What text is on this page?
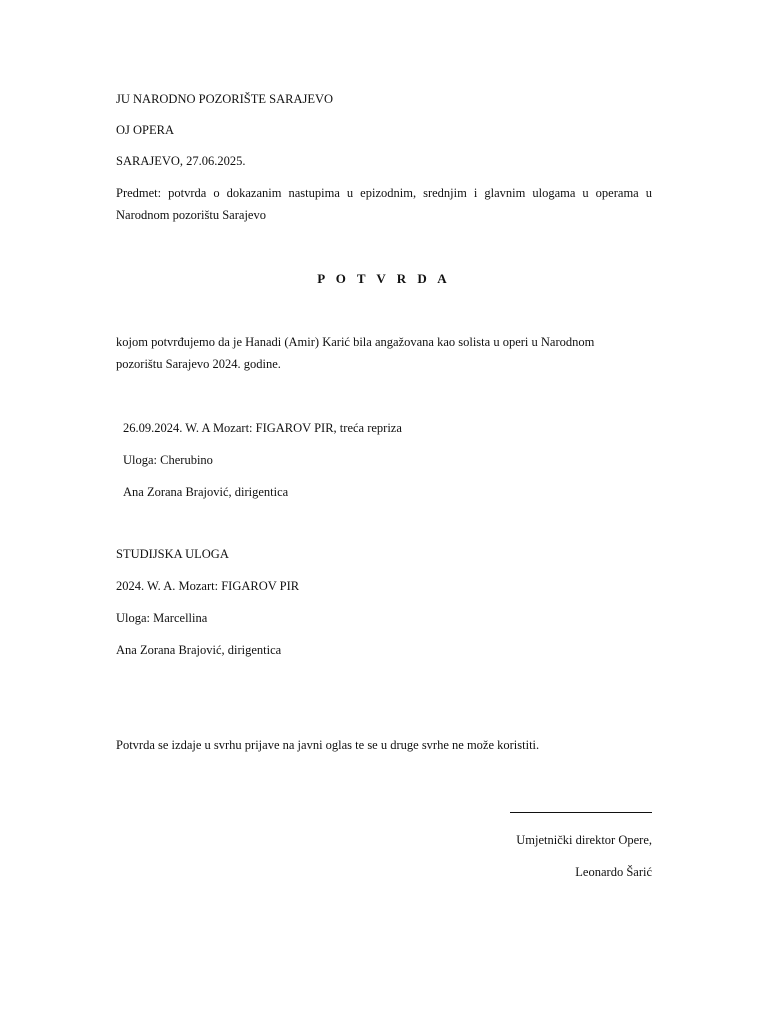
JU NARODNO POZORIŠTE SARAJEVO
OJ OPERA
SARAJEVO, 27.06.2025.
Predmet: potvrda o dokazanim nastupima u epizodnim, srednjim i glavnim ulogama u operama u Narodnom pozorištu Sarajevo
P O T V R D A
kojom potvrđujemo da je Hanadi (Amir) Karić bila angažovana kao solista u operi u Narodnom
pozorištu Sarajevo 2024. godine.
26.09.2024. W. A Mozart: FIGAROV PIR, treća repriza
Uloga: Cherubino
Ana Zorana Brajović, dirigentica
STUDIJSKA ULOGA
2024. W. A. Mozart: FIGAROV PIR
Uloga: Marcellina
Ana Zorana Brajović, dirigentica
Potvrda se izdaje u svrhu prijave na javni oglas te se u druge svrhe ne može koristiti.
Umjetnički direktor Opere,
Leonardo Šarić
